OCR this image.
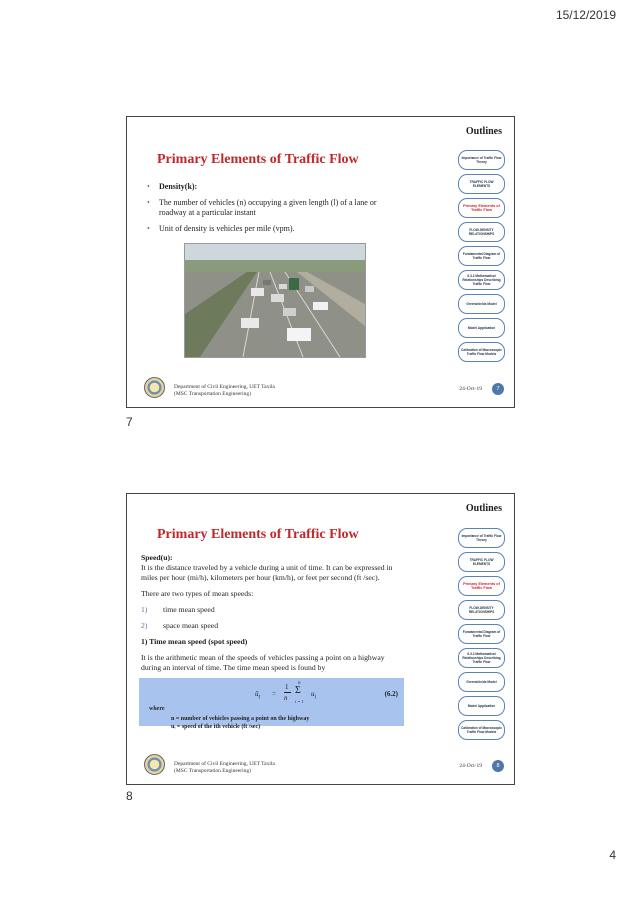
15/12/2019
Outlines
Primary Elements of Traffic Flow
•	Density(k):
•	The number of vehicles (n) occupying a given length (l) of a lane or roadway at a particular instant
•	Unit of density is vehicles per mile (vpm).
Importance of Traffic Flow Theory
TRAFFIC FLOW ELEMENTS
Primary Elements of Traffic Flow
FLOW-DENSITY RELATIONSHIPS
Fundamental Diagram of Traffic Flow
6.3.2 Mathematical Relationships Describing Traffic Flow
Greenshields Model
Model Application
Calibration of Macroscopic Traffic Flow Models
Department of Civil Engineering, UET Taxila
(MSC Transportation Engineering)
24-Oct-19	7
7
Outlines
Primary Elements of Traffic Flow

Speed(u):
It is the distance traveled by a vehicle during a unit of time. It can be expressed in miles per hour (mi/h), kilometers per hour (km/h), or feet per second (ft /sec).

There are two types of mean speeds:

1) time mean speed

2) space mean speed

1) Time mean speed (spot speed)

It is the arithmetic mean of the speeds of vehicles passing a point on a highway during an interval of time. The time mean speed is found by

$ū_t$ =
1
n
n
Σ
i = 1
$u_i$	(6.2)
where
n = number of vehicles passing a point on the highway
uᵢ = speed of the ith vehicle (ft /sec)
Importance of Traffic Flow Theory
TRAFFIC FLOW ELEMENTS
Primary Elements of Traffic Flow
FLOW-DENSITY RELATIONSHIPS
Fundamental Diagram of Traffic Flow
6.3.2 Mathematical Relationships Describing Traffic Flow
Greenshields Model
Model Application
Calibration of Macroscopic Traffic Flow Models
Department of Civil Engineering, UET Taxila
(MSC Transportation Engineering)
24-Oct-19	8
8
4
